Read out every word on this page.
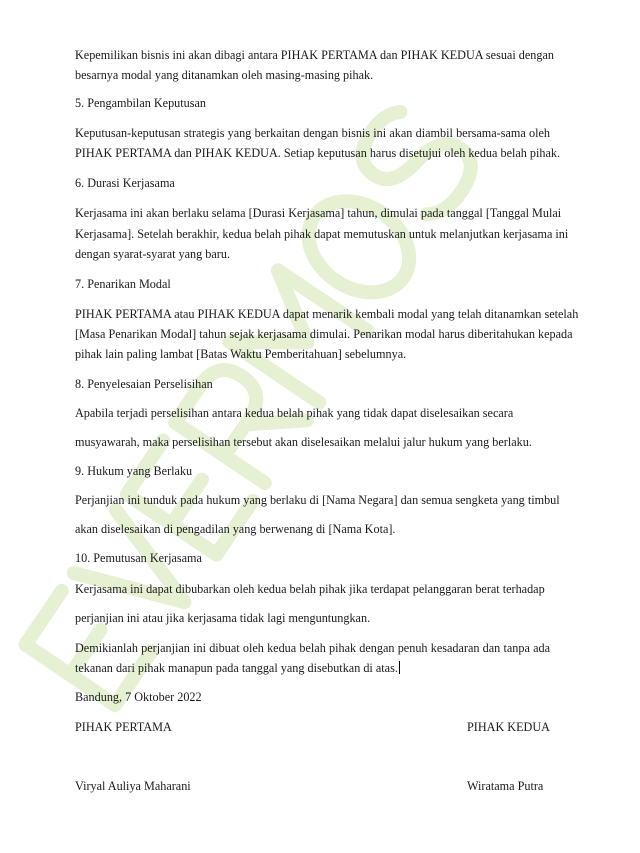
Kepemilikan bisnis ini akan dibagi antara PIHAK PERTAMA dan PIHAK KEDUA sesuai dengan
besarnya modal yang ditanamkan oleh masing-masing pihak.
5. Pengambilan Keputusan
Keputusan-keputusan strategis yang berkaitan dengan bisnis ini akan diambil bersama-sama oleh
PIHAK PERTAMA dan PIHAK KEDUA. Setiap keputusan harus disetujui oleh kedua belah pihak.
6. Durasi Kerjasama
Kerjasama ini akan berlaku selama [Durasi Kerjasama] tahun, dimulai pada tanggal [Tanggal Mulai
Kerjasama]. Setelah berakhir, kedua belah pihak dapat memutuskan untuk melanjutkan kerjasama ini
dengan syarat-syarat yang baru.
7. Penarikan Modal
PIHAK PERTAMA atau PIHAK KEDUA dapat menarik kembali modal yang telah ditanamkan setelah
[Masa Penarikan Modal] tahun sejak kerjasama dimulai. Penarikan modal harus diberitahukan kepada
pihak lain paling lambat [Batas Waktu Pemberitahuan] sebelumnya.
8. Penyelesaian Perselisihan
Apabila terjadi perselisihan antara kedua belah pihak yang tidak dapat diselesaikan secara
musyawarah, maka perselisihan tersebut akan diselesaikan melalui jalur hukum yang berlaku.
9. Hukum yang Berlaku
Perjanjian ini tunduk pada hukum yang berlaku di [Nama Negara] dan semua sengketa yang timbul
akan diselesaikan di pengadilan yang berwenang di [Nama Kota].
10. Pemutusan Kerjasama
Kerjasama ini dapat dibubarkan oleh kedua belah pihak jika terdapat pelanggaran berat terhadap
perjanjian ini atau jika kerjasama tidak lagi menguntungkan.
Demikianlah perjanjian ini dibuat oleh kedua belah pihak dengan penuh kesadaran dan tanpa ada
tekanan dari pihak manapun pada tanggal yang disebutkan di atas.
Bandung, 7 Oktober 2022
PIHAK PERTAMA	PIHAK KEDUA
Viryal Auliya Maharani	Wiratama Putra
